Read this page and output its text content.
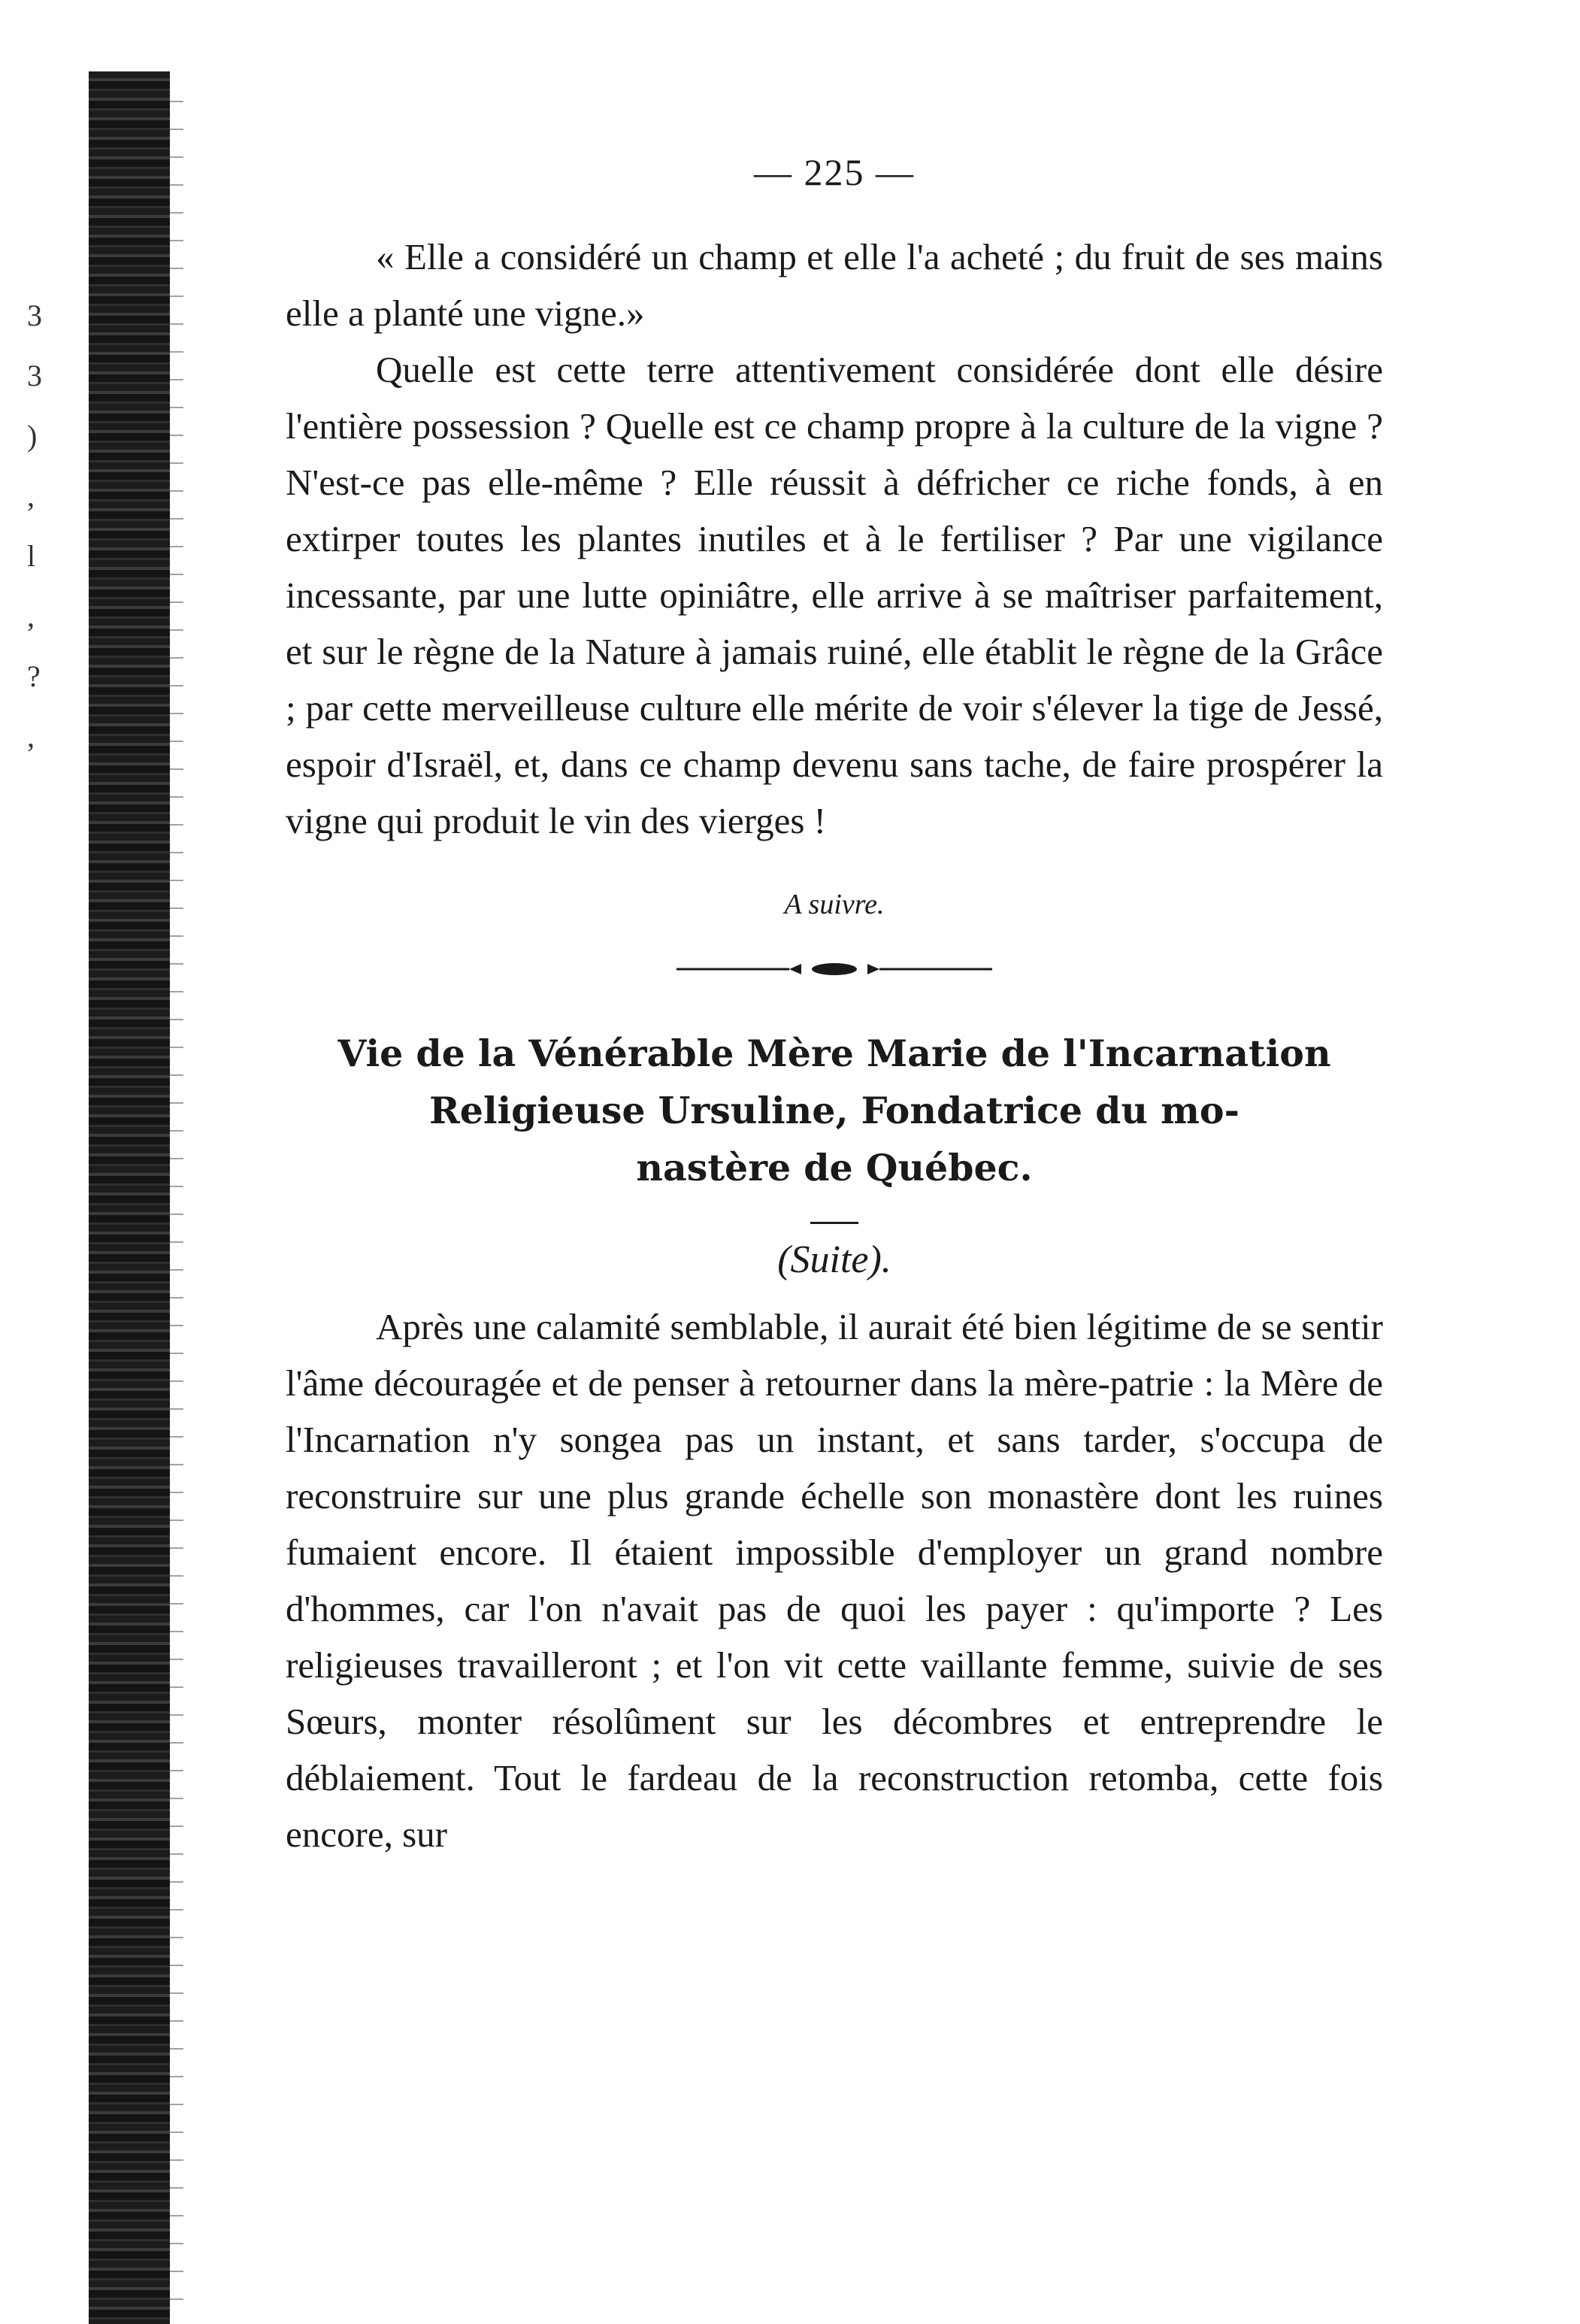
3
3
)
,
l
,
?
,
— 225 —

« Elle a considéré un champ et elle l'a acheté ; du fruit de ses mains elle a planté une vigne.»

Quelle est cette terre attentivement considérée dont elle désire l'entière possession ? Quelle est ce champ propre à la culture de la vigne ? N'est-ce pas elle-même ? Elle réussit à défricher ce riche fonds, à en extirper toutes les plantes inutiles et à le fertiliser ? Par une vigilance incessante, par une lutte opiniâtre, elle arrive à se maîtriser parfaitement, et sur le règne de la Nature à jamais ruiné, elle établit le règne de la Grâce ; par cette merveilleuse culture elle mérite de voir s'élever la tige de Jessé, espoir d'Israël, et, dans ce champ devenu sans tache, de faire prospérer la vigne qui produit le vin des vierges !

A suivre.
Vie de la Vénérable Mère Marie de l'Incarnation
Religieuse Ursuline, Fondatrice du mo-
nastère de Québec.
(Suite).

Après une calamité semblable, il aurait été bien légitime de se sentir l'âme découragée et de penser à retourner dans la mère-patrie : la Mère de l'Incarnation n'y songea pas un instant, et sans tarder, s'occupa de reconstruire sur une plus grande échelle son monastère dont les ruines fumaient encore. Il étaient impossible d'employer un grand nombre d'hommes, car l'on n'avait pas de quoi les payer : qu'importe ? Les religieuses travailleront ; et l'on vit cette vaillante femme, suivie de ses Sœurs, monter résolûment sur les décombres et entreprendre le déblaiement. Tout le fardeau de la reconstruction retomba, cette fois encore, sur
